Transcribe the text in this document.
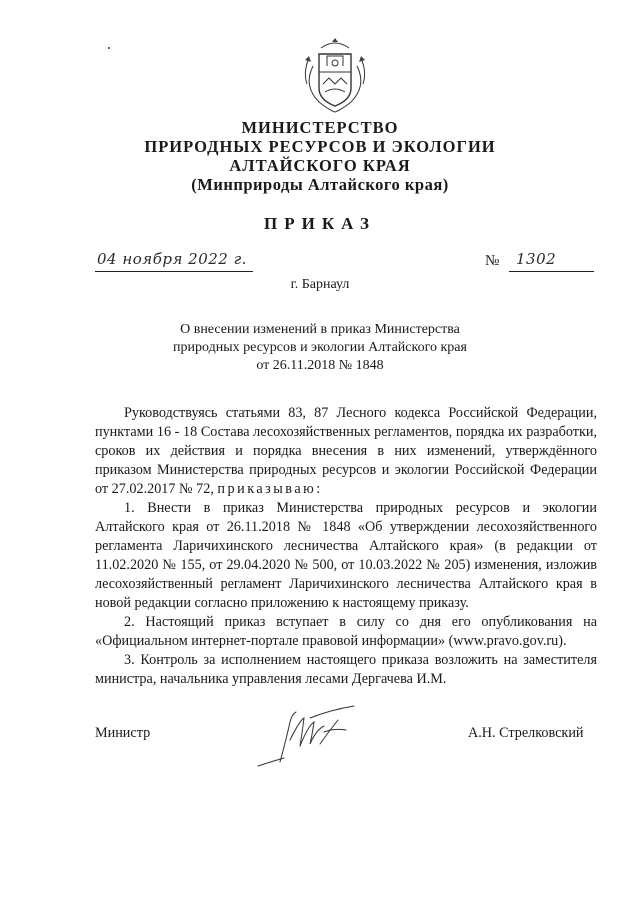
МИНИСТЕРСТВО
ПРИРОДНЫХ РЕСУРСОВ И ЭКОЛОГИИ
АЛТАЙСКОГО КРАЯ
(Минприроды Алтайского края)
ПРИКАЗ
04 ноября 2022 г.	№ 1302
г. Барнаул
О внесении изменений в приказ Министерства
природных ресурсов и экологии Алтайского края
от 26.11.2018 № 1848

Руководствуясь статьями 83, 87 Лесного кодекса Российской Федерации, пунктами 16 - 18 Состава лесохозяйственных регламентов, порядка их разработки, сроков их действия и порядка внесения в них изменений, утверждённого приказом Министерства природных ресурсов и экологии Российской Федерации от 27.02.2017 № 72, приказываю:

1. Внести в приказ Министерства природных ресурсов и экологии Алтайского края от 26.11.2018 № 1848 «Об утверждении лесохозяйственного регламента Ларичихинского лесничества Алтайского края» (в редакции от 11.02.2020 № 155, от 29.04.2020 № 500, от 10.03.2022 № 205) изменения, изложив лесохозяйственный регламент Ларичихинского лесничества Алтайского края в новой редакции согласно приложению к настоящему приказу.

2. Настоящий приказ вступает в силу со дня его опубликования на «Официальном интернет-портале правовой информации» (www.pravo.gov.ru).

3. Контроль за исполнением настоящего приказа возложить на заместителя министра, начальника управления лесами Дергачева И.М.

Министр	А.Н. Стрелковский
